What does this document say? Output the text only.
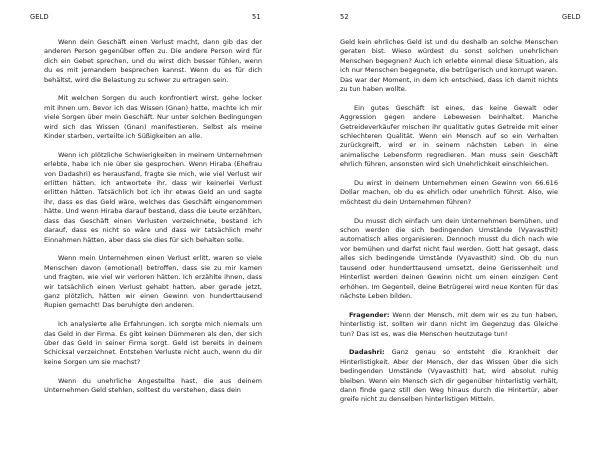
GELD	51

Wenn dein Geschäft einen Verlust macht, dann gib das der anderen Person gegenüber offen zu. Die andere Person wird für dich ein Gebet sprechen, und du wirst dich besser fühlen, wenn du es mit jemandem besprechen kannst. Wenn du es für dich behältst, wird die Belastung zu schwer zu ertragen sein.

Mit welchen Sorgen du auch konfrontiert wirst, gehe locker mit ihnen um. Bevor ich das Wissen (Gnan) hatte, machte ich mir viele Sorgen über mein Geschäft. Nur unter solchen Bedingungen wird sich das Wissen (Gnan) manifestieren. Selbst als meine Kinder starben, verteilte ich Süßigkeiten an alle.

Wenn ich plötzliche Schwierigkeiten in meinem Unternehmen erlebte, habe ich nie über sie gesprochen. Wenn Hiraba (Ehefrau von Dadashri) es herausfand, fragte sie mich, wie viel Verlust wir erlitten hätten. Ich antwortete ihr, dass wir keinerlei Verlust erlitten hätten. Tatsächlich bot ich ihr etwas Geld an und sagte ihr, dass es das Geld wäre, welches das Geschäft eingenommen hätte. Und wenn Hiraba darauf bestand, dass die Leute erzählten, dass das Geschäft einen Verlusten verzeichnete, bestand ich darauf, dass es nicht so wäre und dass wir tatsächlich mehr Einnahmen hätten, aber dass sie dies für sich behalten solle.

Wenn mein Unternehmen einen Verlust erlitt, waren so viele Menschen davon (emotional) betroffen, dass sie zu mir kamen und fragten, wie viel wir verloren hätten. Ich erzählte ihnen, dass wir tatsächlich einen Verlust gehabt hatten, aber gerade jetzt, ganz plötzlich, hätten wir einen Gewinn von hunderttausend Rupien gemacht! Das beruhigte den anderen.

Ich analysierte alle Erfahrungen. Ich sorgte mich niemals um das Geld in der Firma. Es gibt keinen Dümmeren als den, der sich über das Geld in seiner Firma sorgt. Geld ist bereits in deinem Schicksal verzeichnet. Entstehen Verluste nicht auch, wenn du dir keine Sorgen um sie machst?

Wenn du unehrliche Angestellte hast, die aus deinem Unternehmen Geld stehlen, solltest du verstehen, dass dein

52	GELD

Geld kein ehrliches Geld ist und du deshalb an solche Menschen geraten bist. Wieso würdest du sonst solchen unehrlichen Menschen begegnen? Auch ich erlebte einmal diese Situation, als ich nur Menschen begegnete, die betrügerisch und korrupt waren. Das war der Moment, in dem ich entschied, dass ich damit nichts zu tun haben wollte.

Ein gutes Geschäft ist eines, das keine Gewalt oder Aggression gegen andere Lebewesen beinhaltet. Manche Getreideverkäufer mischen ihr qualitativ gutes Getreide mit einer schlechteren Qualität. Wenn ein Mensch auf so ein Verhalten zurückgreift, wird er in seinem nächsten Leben in eine animalische Lebensform regredieren. Man muss sein Geschäft ehrlich führen, ansonsten wird sich Unehrlichkeit einschleichen.

Du wirst in deinem Unternehmen einen Gewinn von 66.616 Dollar machen, ob du es ehrlich oder unehrlich führst. Also, wie möchtest du dein Unternehmen führen?

Du musst dich einfach um dein Unternehmen bemühen, und schon werden die sich bedingenden Umstände (Vyavasthit) automatisch alles organisieren. Dennoch musst du dich nach wie vor bemühen und darfst nicht faul werden. Gott hat gesagt, dass alles sich bedingende Umstände (Vyavasthit) sind. Ob du nun tausend oder hunderttausend umsetzt, deine Gerissenheit und Hinterlist werden deinen Gewinn nicht um einen einzigen Cent erhöhen. Im Gegenteil, deine Betrügerei wird neue Konten für das nächste Leben bilden.

Fragender: Wenn der Mensch, mit dem wir es zu tun haben, hinterlistig ist, sollten wir dann nicht im Gegenzug das Gleiche tun? Das ist es, was die Menschen heutzutage tun!

Dadashri: Ganz genau so entsteht die Krankheit der Hinterlistigkeit. Aber der Mensch, der das Wissen über die sich bedingenden Umstände (Vyavasthit) hat, wird absolut ruhig bleiben. Wenn ein Mensch sich dir gegenüber hinterlistig verhält, dann finde ganz still den Weg hinaus durch die Hintertür, aber greife nicht zu denselben hinterlistigen Mitteln.
